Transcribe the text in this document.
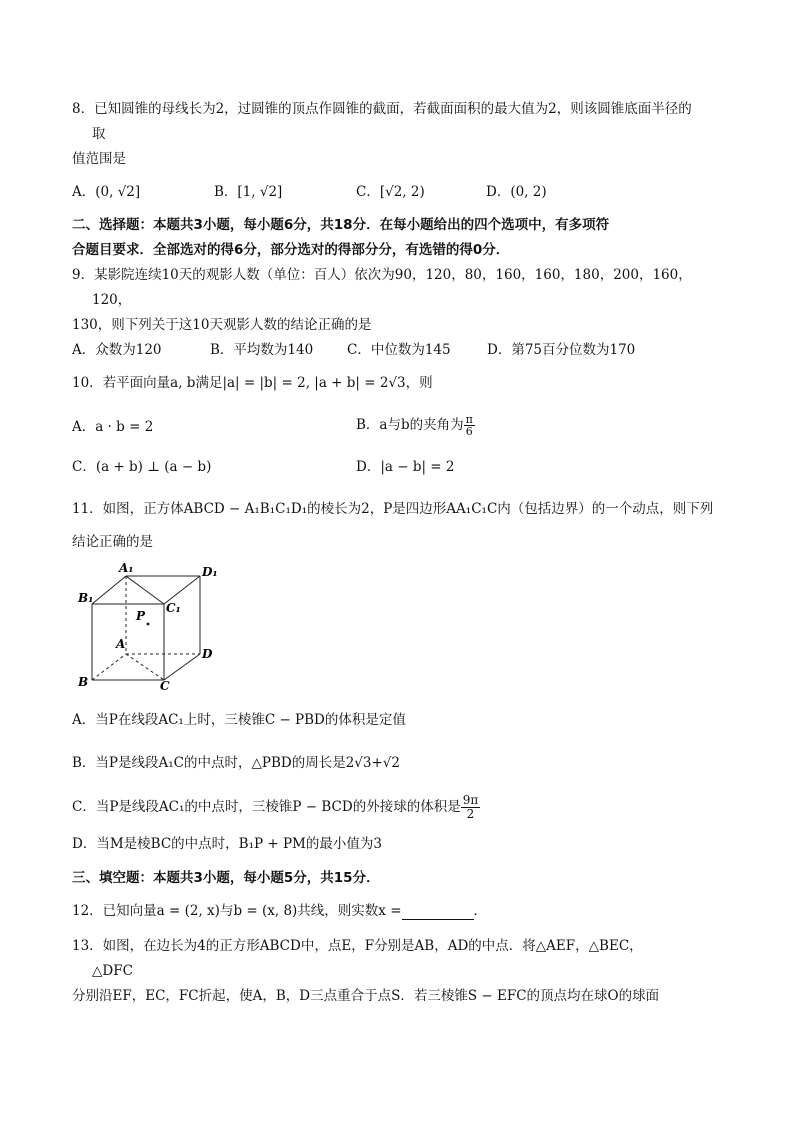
8．已知圆锥的母线长为2，过圆锥的顶点作圆锥的截面，若截面面积的最大值为2，则该圆锥底面半径的
取
值范围是
A．(0, √2]	B．[1, √2]	C．[√2, 2)	D．(0, 2)
二、选择题：本题共3小题，每小题6分，共18分．在每小题给出的四个选项中，有多项符
合题目要求．全部选对的得6分，部分选对的得部分分，有选错的得0分．
9．某影院连续10天的观影人数（单位：百人）依次为90，120，80，160，160，180，200，160，
120，
130，则下列关于这10天观影人数的结论正确的是
A．众数为120	B．平均数为140	C．中位数为145	D．第75百分位数为170
10．若平面向量a, b满足|a| = |b| = 2, |a + b| = 2√3，则
A．a · b = 2	B．a与b的夹角为 $\frac{\pi}{6}$
C．(a + b) ⊥ (a − b)	D．|a − b| = 2
11．如图，正方体ABCD − A₁B₁C₁D₁的棱长为2，P是四边形AA₁C₁C内（包括边界）的一个动点，则下列
结论正确的是
A₁	D₁
B₁
C₁
P
A
D
B	C
A．当P在线段AC₁上时，三棱锥C − PBD的体积是定值
B．当P是线段A₁C的中点时，△PBD的周长是2√3+√2
C．当P是线段AC₁的中点时，三棱锥P − BCD的外接球的体积是 $\frac{9\pi}{2}$
D．当M是棱BC的中点时，B₁P + PM的最小值为3
三、填空题：本题共3小题，每小题5分，共15分．
12．已知向量a = (2, x)与b = (x, 8)共线，则实数x =	．
13．如图，在边长为4的正方形ABCD中，点E，F分别是AB，AD的中点．将△AEF，△BEC，
△DFC
分别沿EF，EC，FC折起，使A，B，D三点重合于点S．若三棱锥S − EFC的顶点均在球O的球面
